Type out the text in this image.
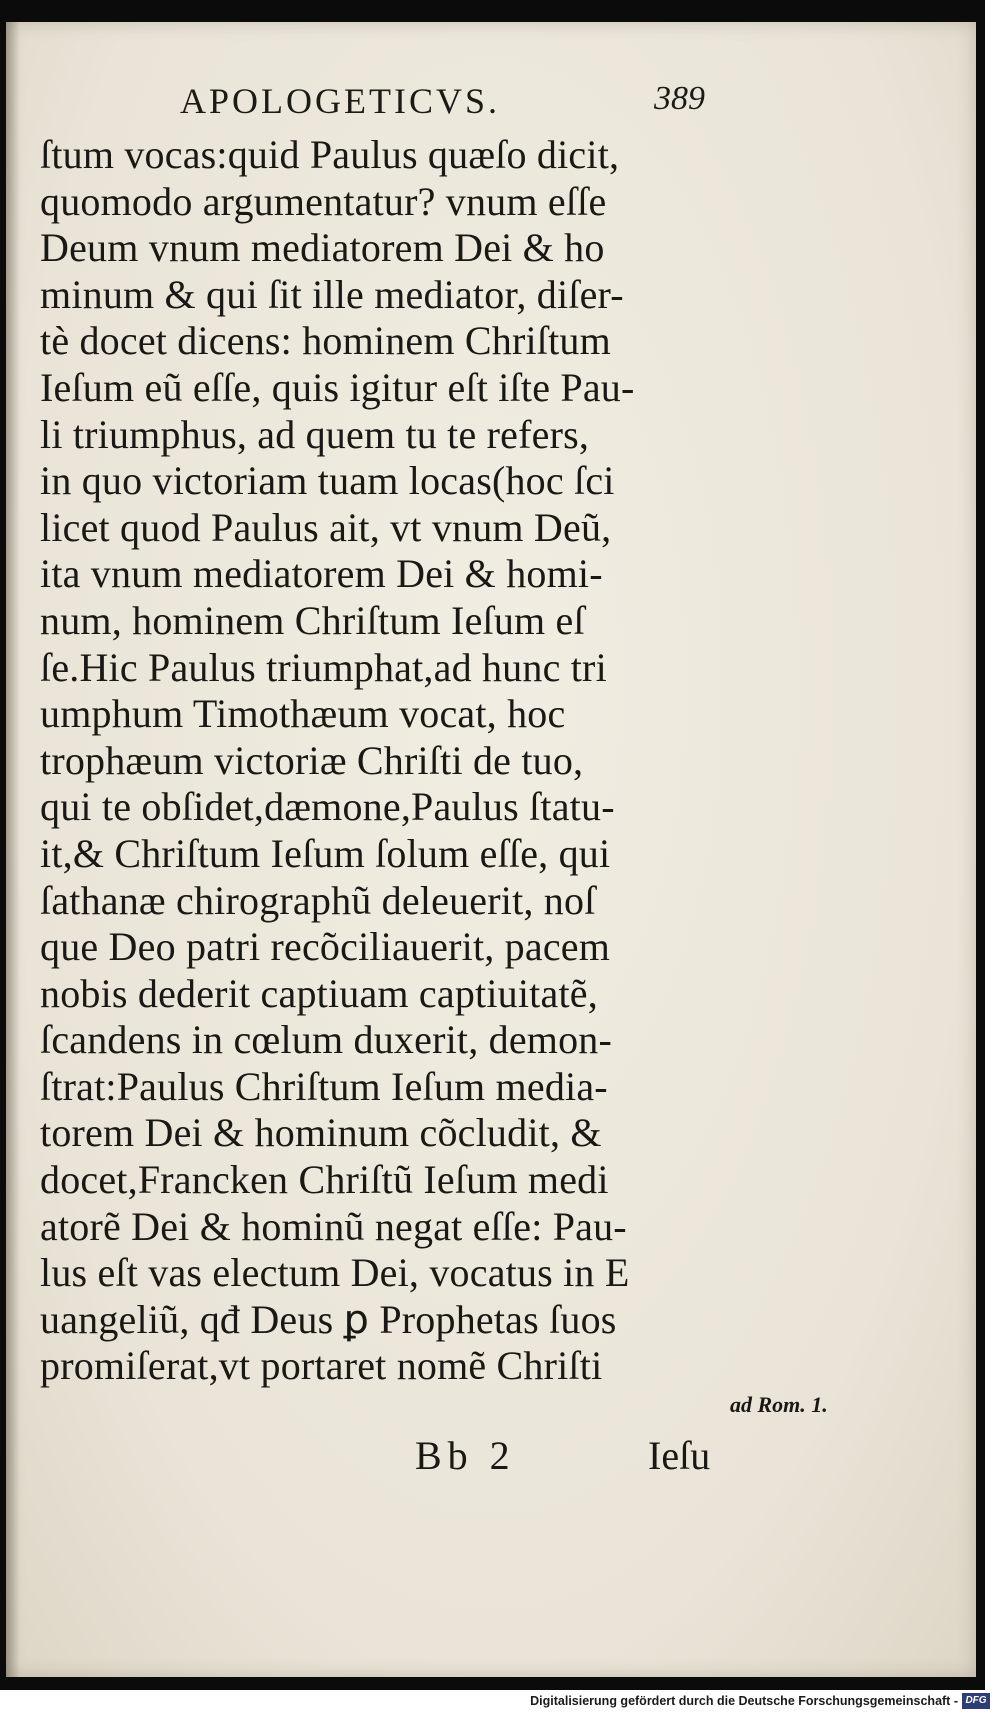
APOLOGETICVS.	389
ſtum vocas:quid Paulus quæſo dicit,
quomodo argumentatur? vnum eſſe
Deum vnum mediatorem Dei & ho
minum & qui ſit ille mediator, diſer-
tè docet dicens: hominem Chriſtum
Ieſum eũ eſſe, quis igitur eſt iſte Pau-
li triumphus, ad quem tu te refers,
in quo victoriam tuam locas(hoc ſci
licet quod Paulus ait, vt vnum Deũ,
ita vnum mediatorem Dei & homi-
num, hominem Chriſtum Ieſum eſ
ſe.Hic Paulus triumphat,ad hunc tri
umphum Timothæum vocat, hoc
trophæum victoriæ Chriſti de tuo,
qui te obſidet,dæmone,Paulus ſtatu-
it,& Chriſtum Ieſum ſolum eſſe, qui
ſathanæ chirographũ deleuerit, noſ
que Deo patri recõciliauerit, pacem
nobis dederit captiuam captiuitatẽ,
ſcandens in cœlum duxerit, demon-
ſtrat:Paulus Chriſtum Ieſum media-
torem Dei & hominum cõcludit, &
docet,Francken Chriſtũ Ieſum medi
atorẽ Dei & hominũ negat eſſe: Pau-
lus eſt vas electum Dei, vocatus in E
uangeliũ, qđ Deus ꝑ Prophetas ſuos
promiſerat,vt portaret nomẽ Chriſti
ad Rom. 1.
Bb 2	Ieſu
Digitalisierung gefördert durch die Deutsche Forschungsgemeinschaft - DFG
